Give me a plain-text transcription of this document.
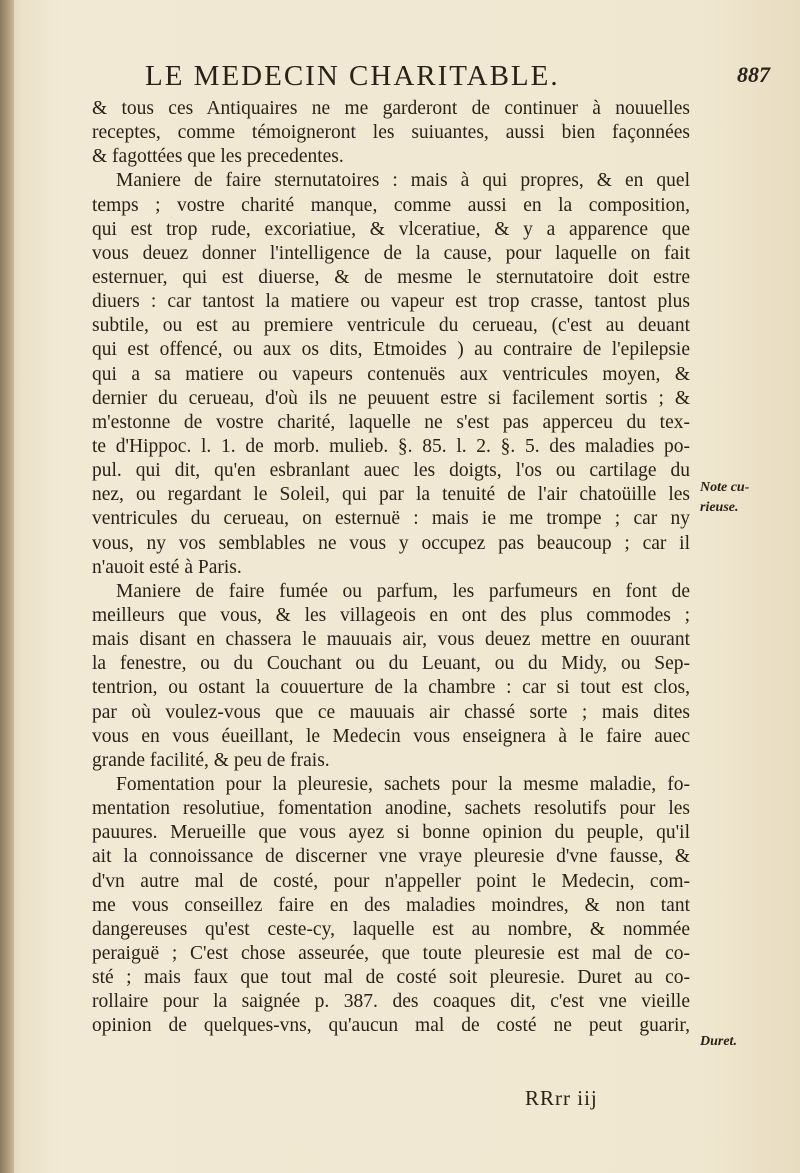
LE MEDECIN CHARITABLE.	887
& tous ces Antiquaires ne me garderont de continuer à nouuelles
receptes, comme témoigneront les suiuantes, aussi bien façonnées
& fagottées que les precedentes.
Maniere de faire sternutatoires : mais à qui propres, & en quel
temps ; vostre charité manque, comme aussi en la composition,
qui est trop rude, excoriatiue, & vlceratiue, & y a apparence que
vous deuez donner l'intelligence de la cause, pour laquelle on fait
esternuer, qui est diuerse, & de mesme le sternutatoire doit estre
diuers : car tantost la matiere ou vapeur est trop crasse, tantost plus
subtile, ou est au premiere ventricule du cerueau, (c'est au deuant
qui est offencé, ou aux os dits, Etmoides ) au contraire de l'epilepsie
qui a sa matiere ou vapeurs contenuës aux ventricules moyen, &
dernier du cerueau, d'où ils ne peuuent estre si facilement sortis ; &
m'estonne de vostre charité, laquelle ne s'est pas apperceu du tex-
te d'Hippoc. l. 1. de morb. mulieb. §. 85. l. 2. §. 5. des maladies po-
pul. qui dit, qu'en esbranlant auec les doigts, l'os ou cartilage du
nez, ou regardant le Soleil, qui par la tenuité de l'air chatoüille les
ventricules du cerueau, on esternuë : mais ie me trompe ; car ny
vous, ny vos semblables ne vous y occupez pas beaucoup ; car il
n'auoit esté à Paris.
Maniere de faire fumée ou parfum, les parfumeurs en font de
meilleurs que vous, & les villageois en ont des plus commodes ;
mais disant en chassera le mauuais air, vous deuez mettre en ouurant
la fenestre, ou du Couchant ou du Leuant, ou du Midy, ou Sep-
tentrion, ou ostant la couuerture de la chambre : car si tout est clos,
par où voulez-vous que ce mauuais air chassé sorte ; mais dites
vous en vous éueillant, le Medecin vous enseignera à le faire auec
grande facilité, & peu de frais.
Fomentation pour la pleuresie, sachets pour la mesme maladie, fo-
mentation resolutiue, fomentation anodine, sachets resolutifs pour les
pauures. Merueille que vous ayez si bonne opinion du peuple, qu'il
ait la connoissance de discerner vne vraye pleuresie d'vne fausse, &
d'vn autre mal de costé, pour n'appeller point le Medecin, com-
me vous conseillez faire en des maladies moindres, & non tant
dangereuses qu'est ceste-cy, laquelle est au nombre, & nommée
peraiguë ; C'est chose asseurée, que toute pleuresie est mal de co-
sté ; mais faux que tout mal de costé soit pleuresie. Duret au co-
rollaire pour la saignée p. 387. des coaques dit, c'est vne vieille
opinion de quelques-vns, qu'aucun mal de costé ne peut guarir,
Note cu-
rieuse.
Duret.
RRrr iij
